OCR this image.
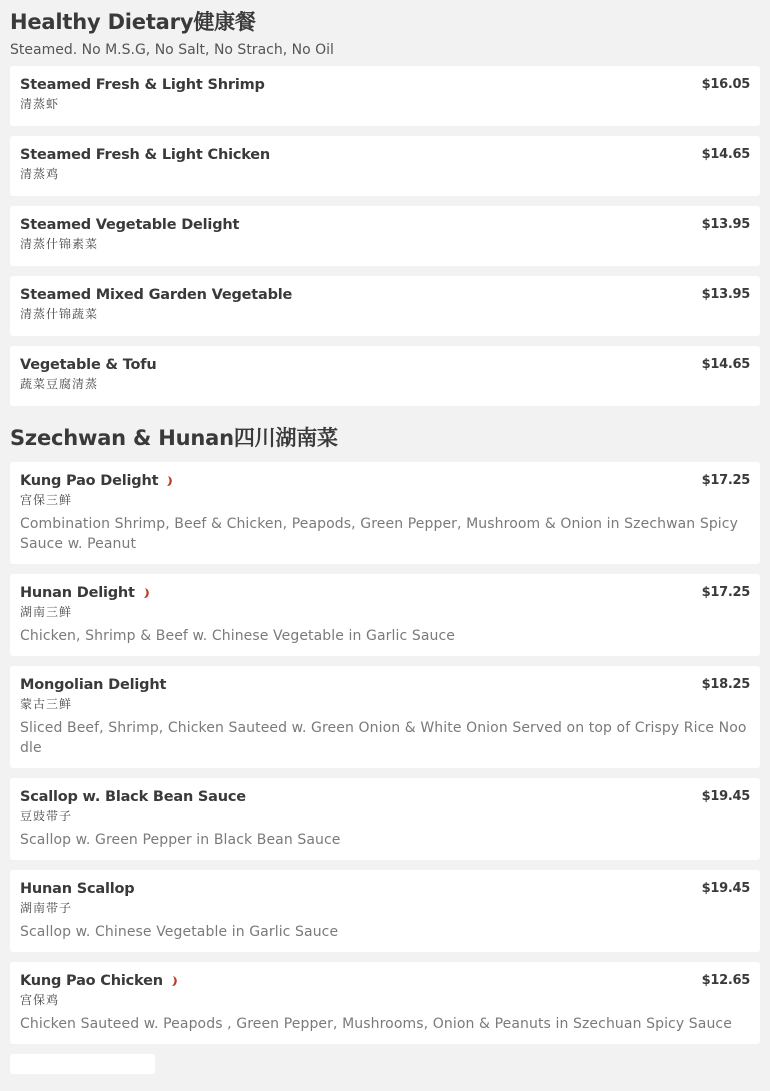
Healthy Dietary健康餐
Steamed. No M.S.G, No Salt, No Strach, No Oil
Steamed Fresh & Light Shrimp	$16.05
清蒸虾
Steamed Fresh & Light Chicken	$14.65
清蒸鸡
Steamed Vegetable Delight	$13.95
清蒸什锦素菜
Steamed Mixed Garden Vegetable	$13.95
清蒸什锦蔬菜
Vegetable & Tofu	$14.65
蔬菜豆腐清蒸
Szechwan & Hunan四川湖南菜
Kung Pao Delight	$17.25
宫保三鲜
Combination Shrimp, Beef & Chicken, Peapods, Green Pepper, Mushroom & Onion in Szechwan Spicy Sauce w. Peanut
Hunan Delight	$17.25
湖南三鲜
Chicken, Shrimp & Beef w. Chinese Vegetable in Garlic Sauce
Mongolian Delight	$18.25
蒙古三鲜
Sliced Beef, Shrimp, Chicken Sauteed w. Green Onion & White Onion Served on top of Crispy Rice Noodle
Scallop w. Black Bean Sauce	$19.45
豆豉带子
Scallop w. Green Pepper in Black Bean Sauce
Hunan Scallop	$19.45
湖南带子
Scallop w. Chinese Vegetable in Garlic Sauce
Kung Pao Chicken	$12.65
宫保鸡
Chicken Sauteed w. Peapods , Green Pepper, Mushrooms, Onion & Peanuts in Szechuan Spicy Sauce
